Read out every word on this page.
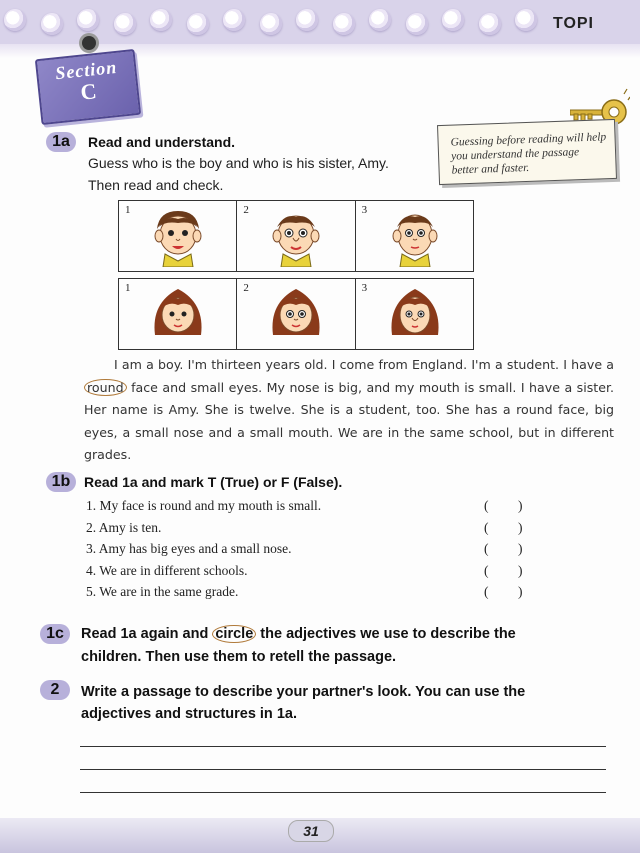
TOPI
Section
C
Guessing before reading will help you understand the passage better and faster.
1a	Read and understand.
Guess who is the boy and who is his sister, Amy.
Then read and check.
1	2	3
1	2	3

I am a boy. I'm thirteen years old. I come from England. I'm a student. I have a round face and small eyes. My nose is big, and my mouth is small. I have a sister. Her name is Amy. She is twelve. She is a student, too. She has a round face, big eyes, a small nose and a small mouth. We are in the same school, but in different grades.

1b Read 1a and mark T (True) or F (False).
1. My face is round and my mouth is small.	( )
2. Amy is ten.	( )
3. Amy has big eyes and a small nose.	( )
4. We are in different schools.	( )
5. We are in the same grade.	( )
1c	Read 1a again and circle the adjectives we use to describe the
children. Then use them to retell the passage.
2	Write a passage to describe your partner's look. You can use the
adjectives and structures in 1a.
31
